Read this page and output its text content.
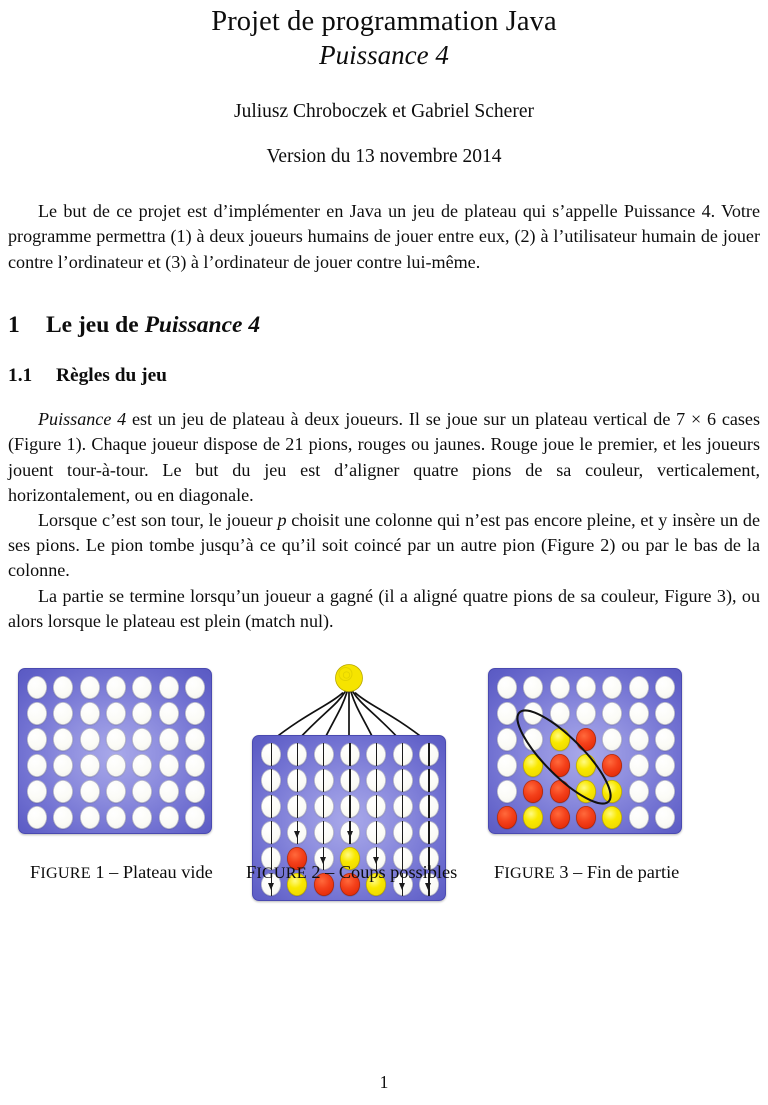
Projet de programmation Java
Puissance 4
Juliusz Chroboczek et Gabriel Scherer
Version du 13 novembre 2014

Le but de ce projet est d’implémenter en Java un jeu de plateau qui s’appelle Puissance 4. Votre programme permettra (1) à deux joueurs humains de jouer entre eux, (2) à l’utilisateur humain de jouer contre l’ordinateur et (3) à l’ordinateur de jouer contre lui-même.

1 Le jeu de Puissance 4
1.1 Règles du jeu

Puissance 4 est un jeu de plateau à deux joueurs. Il se joue sur un plateau vertical de 7 × 6 cases (Figure 1). Chaque joueur dispose de 21 pions, rouges ou jaunes. Rouge joue le premier, et les joueurs jouent tour-à-tour. Le but du jeu est d’aligner quatre pions de sa couleur, verticalement, horizontalement, ou en diagonale.

Lorsque c’est son tour, le joueur p choisit une colonne qui n’est pas encore pleine, et y insère un de ses pions. Le pion tombe jusqu’à ce qu’il soit coincé par un autre pion (Figure 2) ou par le bas de la colonne.

La partie se termine lorsqu’un joueur a gagné (il a aligné quatre pions de sa couleur, Figure 3), ou alors lorsque le plateau est plein (match nul).

FIGURE 1 – Plateau vide FIGURE 2 – Coups possibles FIGURE 3 – Fin de partie
1
